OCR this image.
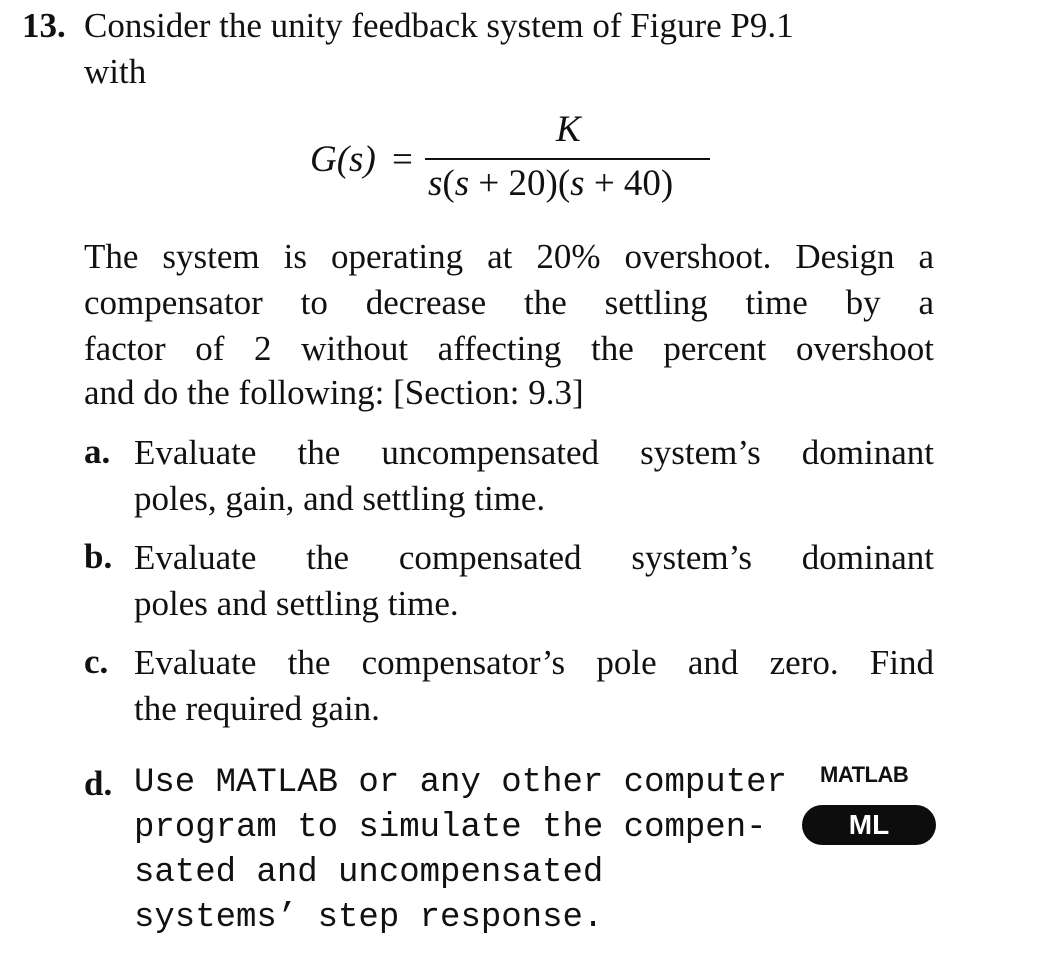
13. Consider the unity feedback system of Figure P9.1
with
G(s) =
K
s(s + 20)(s + 40)
The system is operating at 20% overshoot. Design a
compensator to decrease the settling time by a
factor of 2 without affecting the percent overshoot
and do the following: [Section: 9.3]
a. Evaluate the uncompensated system’s dominant
poles, gain, and settling time.
b. Evaluate the compensated system’s dominant
poles and settling time.
c. Evaluate the compensator’s pole and zero. Find
the required gain.
d. Use MATLAB or any other computer
program to simulate the compen-
sated and uncompensated
systems’ step response.
MATLAB
ML
